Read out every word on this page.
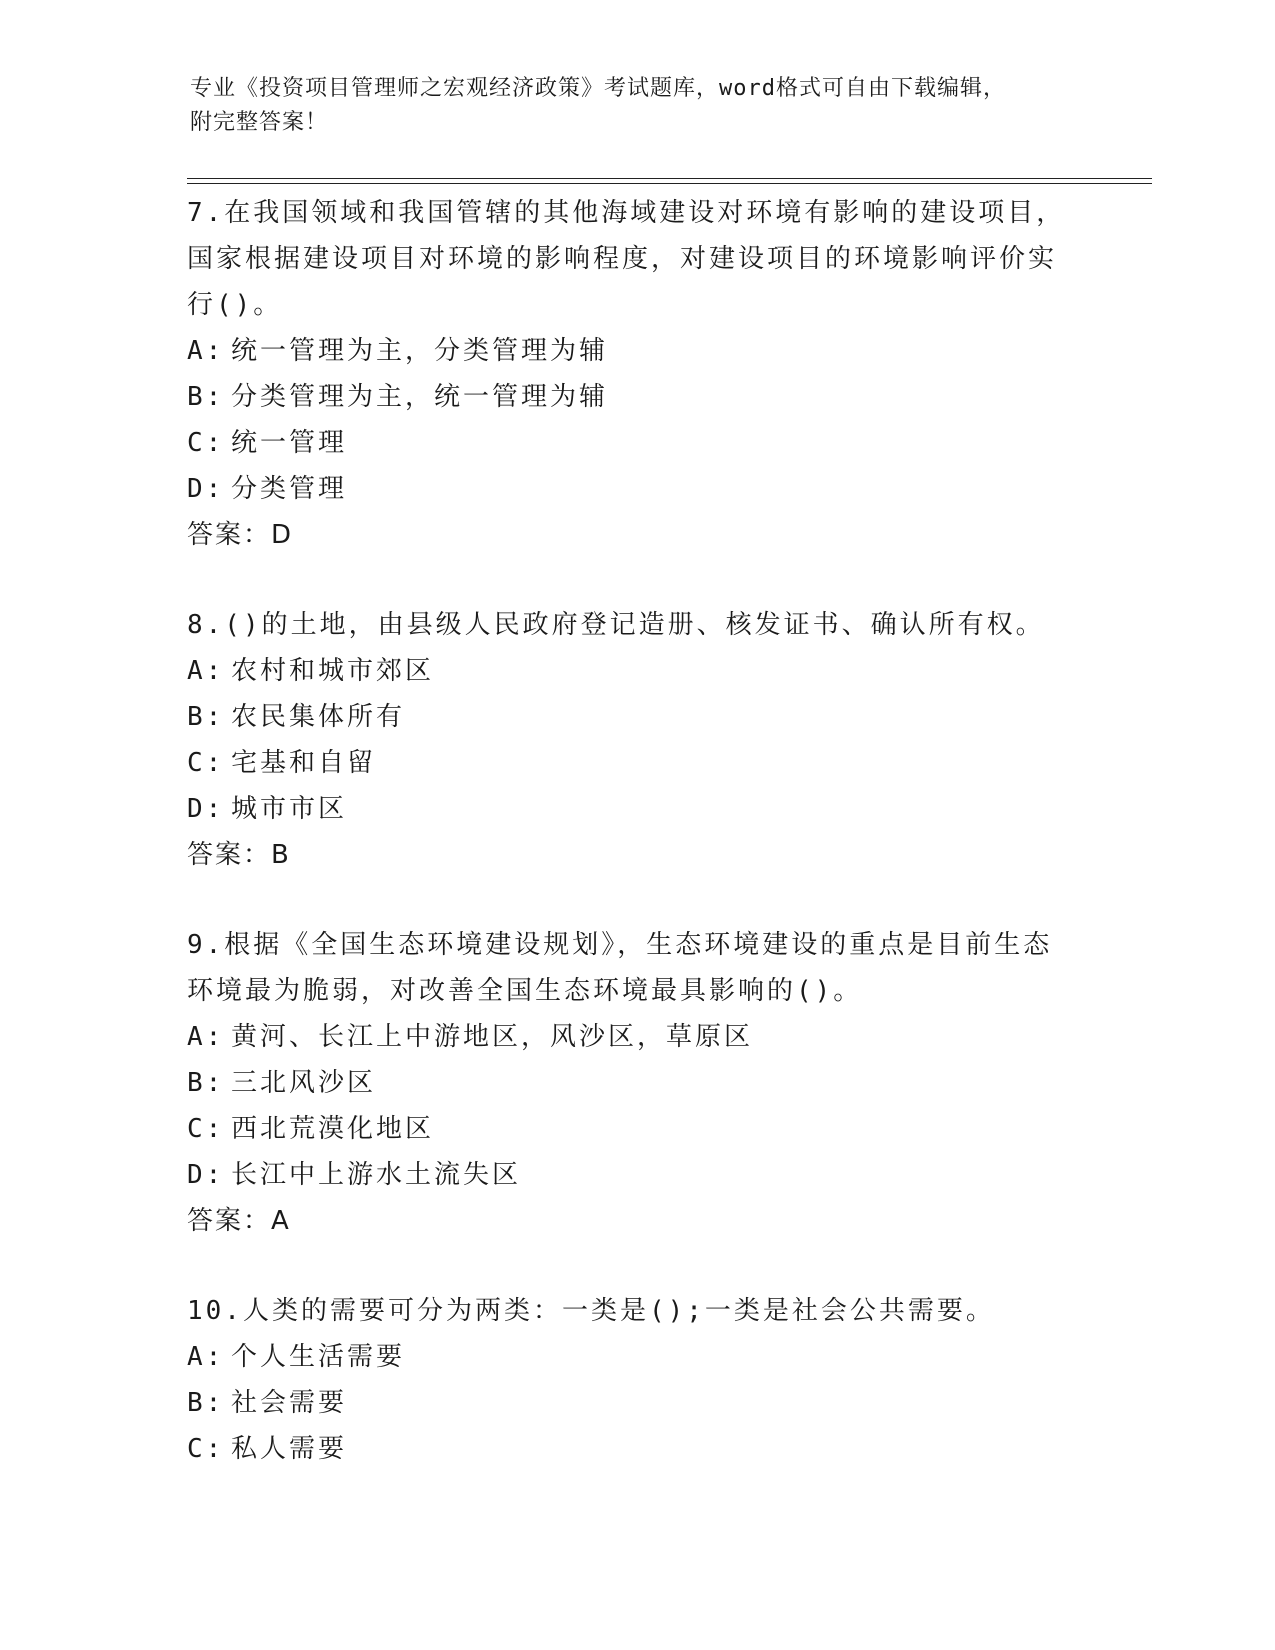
专业《投资项目管理师之宏观经济政策》考试题库，word格式可自由下载编辑，
附完整答案！

7.在我国领域和我国管辖的其他海域建设对环境有影响的建设项目，

国家根据建设项目对环境的影响程度，对建设项目的环境影响评价实

行()。

A: 统一管理为主，分类管理为辅

B: 分类管理为主，统一管理为辅

C: 统一管理

D: 分类管理

答案：D

8.()的土地，由县级人民政府登记造册、核发证书、确认所有权。

A: 农村和城市郊区

B: 农民集体所有

C: 宅基和自留

D: 城市市区

答案：B

9.根据《全国生态环境建设规划》，生态环境建设的重点是目前生态

环境最为脆弱，对改善全国生态环境最具影响的()。

A: 黄河、长江上中游地区，风沙区，草原区

B: 三北风沙区

C: 西北荒漠化地区

D: 长江中上游水土流失区

答案：A

10.人类的需要可分为两类：一类是();一类是社会公共需要。

A: 个人生活需要

B: 社会需要

C: 私人需要
